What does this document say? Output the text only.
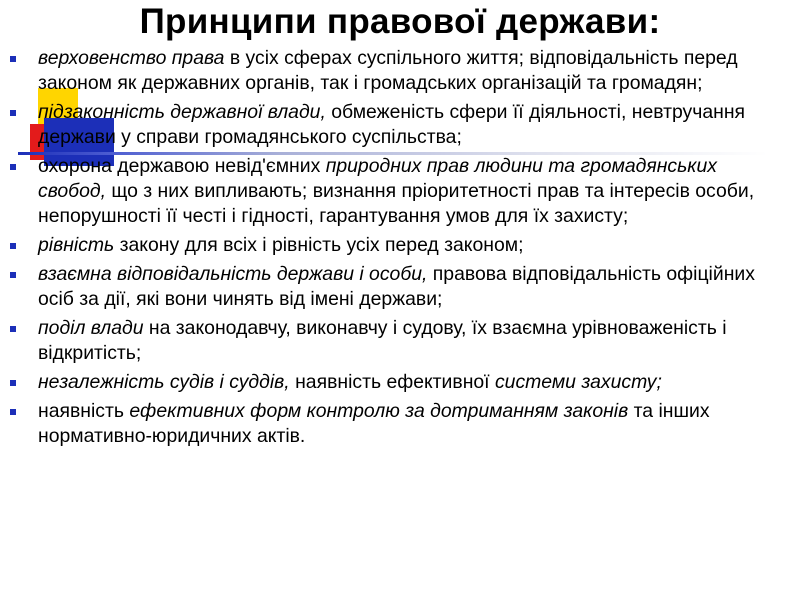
Принципи правової держави:
верховенство права в усіх сферах суспільного життя; відповідальність перед законом як державних органів, так і громадських організацій та громадян;
підзаконність державної влади, обмеженість сфери її діяльності, невтручання держави у справи громадянського суспільства;
охорона державою невід'ємних природних прав людини та громадянських свобод, що з них випливають; визнання пріоритетності прав та інтересів особи, непорушності її честі і гідності, гарантування умов для їх захисту;
рівність закону для всіх і рівність усіх перед законом;
взаємна відповідальність держави і особи, правова відповідальність офіційних осіб за дії, які вони чинять від імені держави;
поділ влади на законодавчу, виконавчу і судову, їх взаємна урівноваженість і відкритість;
незалежність судів і суддів, наявність ефективної системи захисту;
наявність ефективних форм контролю за дотриманням законів та інших нормативно-юридичних актів.
